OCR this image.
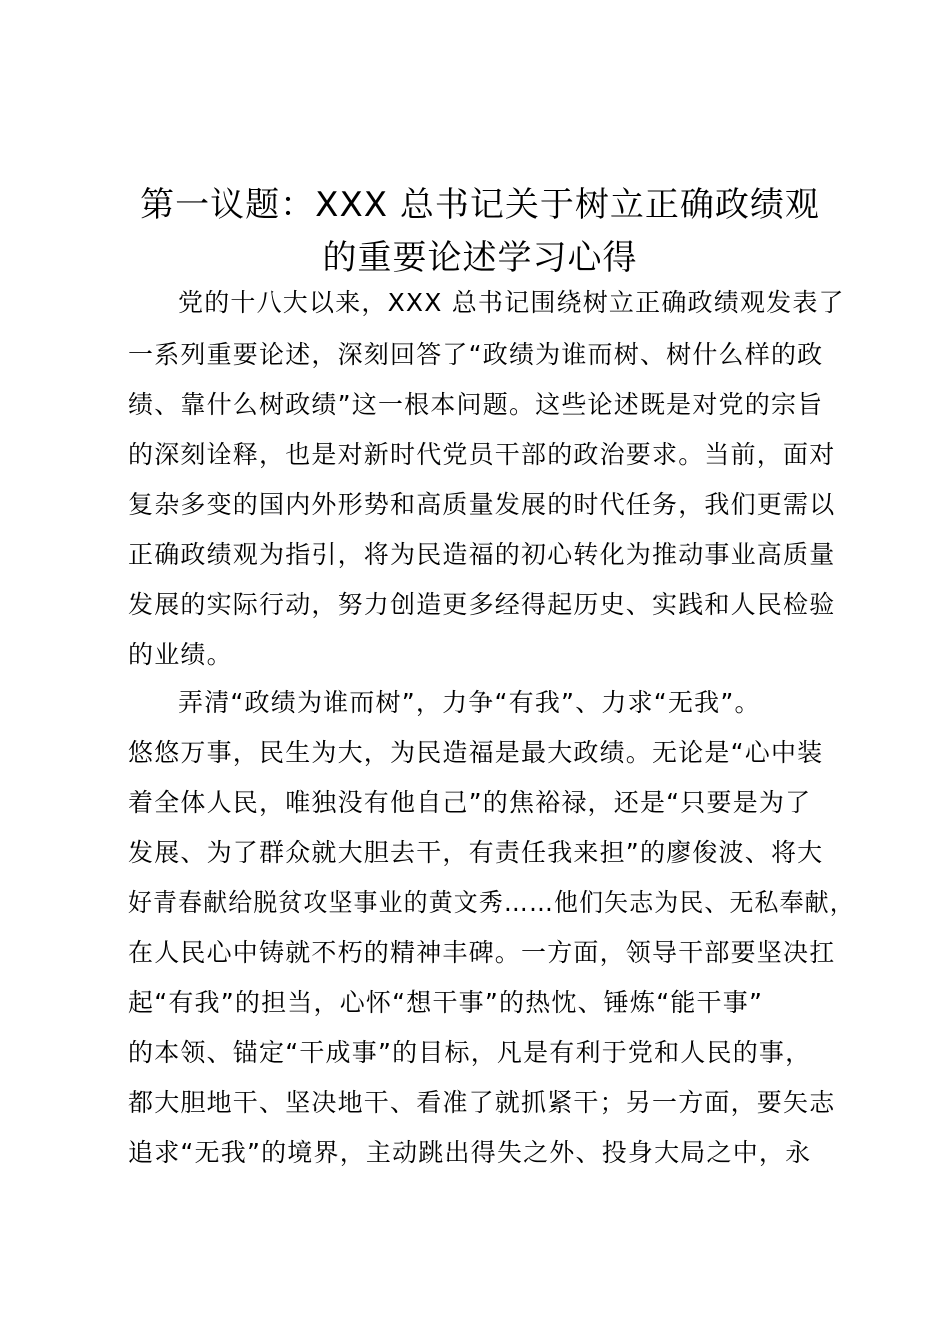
第一议题：XXX 总书记关于树立正确政绩观
的重要论述学习心得
党的十八大以来，XXX 总书记围绕树立正确政绩观发表了
一系列重要论述，深刻回答了“政绩为谁而树、树什么样的政
绩、靠什么树政绩”这一根本问题。这些论述既是对党的宗旨
的深刻诠释，也是对新时代党员干部的政治要求。当前，面对
复杂多变的国内外形势和高质量发展的时代任务，我们更需以
正确政绩观为指引，将为民造福的初心转化为推动事业高质量
发展的实际行动，努力创造更多经得起历史、实践和人民检验
的业绩。
弄清“政绩为谁而树”，力争“有我”、力求“无我”。
悠悠万事，民生为大，为民造福是最大政绩。无论是“心中装
着全体人民，唯独没有他自己”的焦裕禄，还是“只要是为了
发展、为了群众就大胆去干，有责任我来担”的廖俊波、将大
好青春献给脱贫攻坚事业的黄文秀……他们矢志为民、无私奉献，
在人民心中铸就不朽的精神丰碑。一方面，领导干部要坚决扛
起“有我”的担当，心怀“想干事”的热忱、锤炼“能干事”
的本领、锚定“干成事”的目标，凡是有利于党和人民的事，
都大胆地干、坚决地干、看准了就抓紧干；另一方面，要矢志
追求“无我”的境界，主动跳出得失之外、投身大局之中，永
